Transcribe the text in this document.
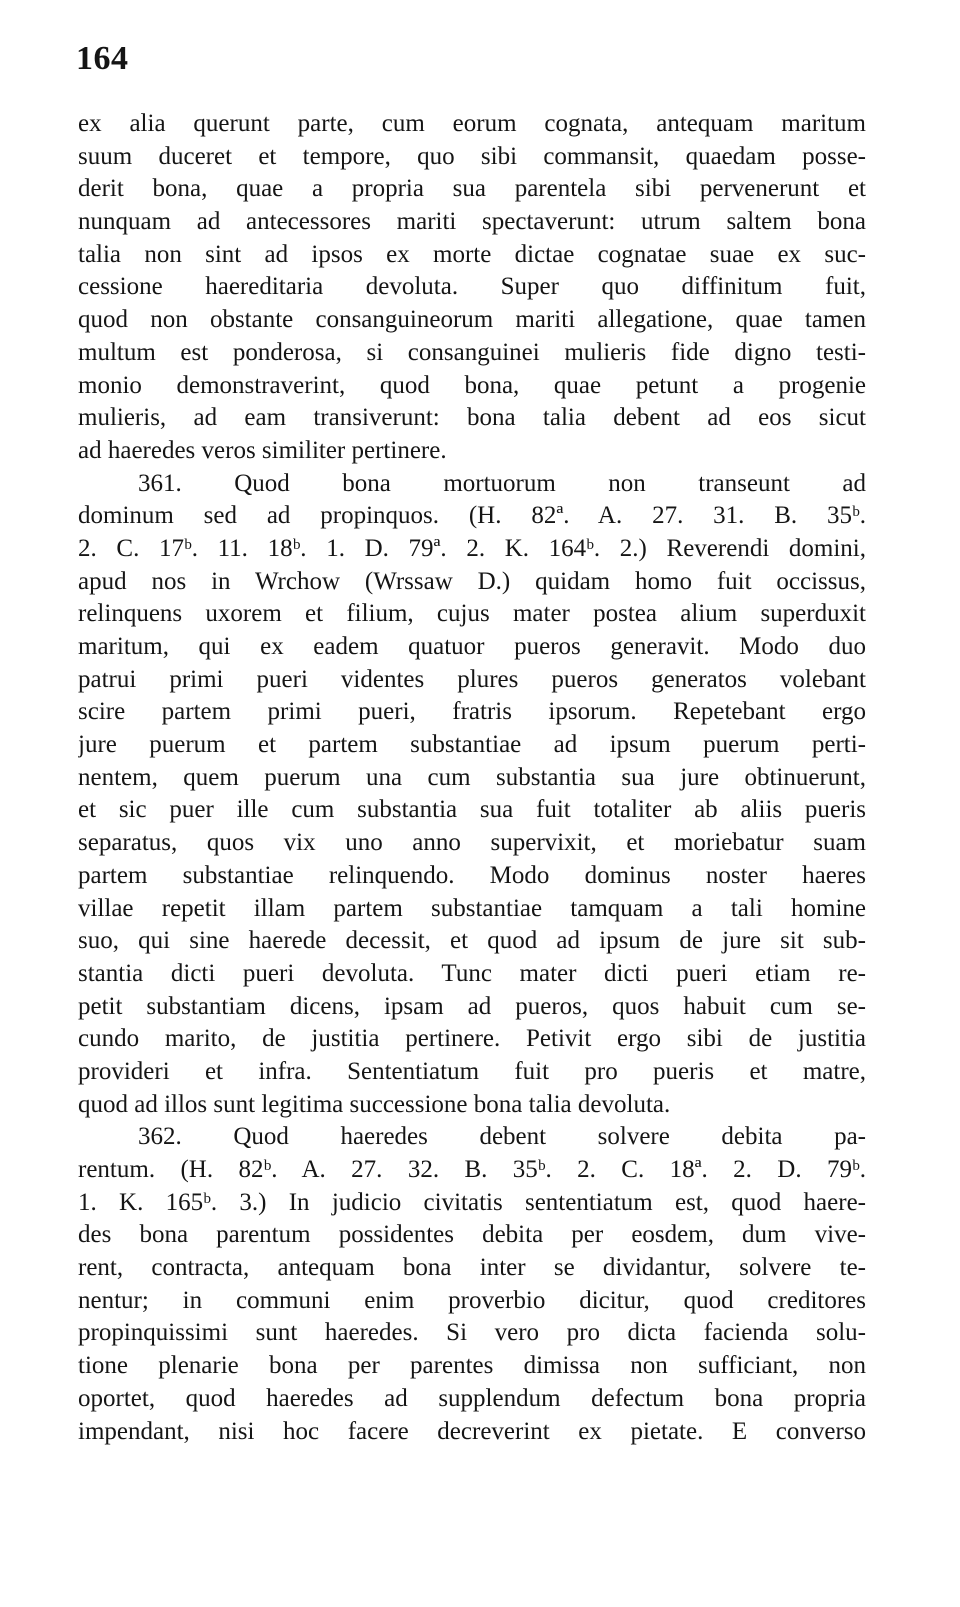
164
ex alia querunt parte, cum eorum cognata, antequam maritum
suum duceret et tempore, quo sibi commansit, quaedam posse-
derit bona, quae a propria sua parentela sibi pervenerunt et
nunquam ad antecessores mariti spectaverunt: utrum saltem bona
talia non sint ad ipsos ex morte dictae cognatae suae ex suc-
cessione haereditaria devoluta. Super quo diffinitum fuit,
quod non obstante consanguineorum mariti allegatione, quae tamen
multum est ponderosa, si consanguinei mulieris fide digno testi-
monio demonstraverint, quod bona, quae petunt a progenie
mulieris, ad eam transiverunt: bona talia debent ad eos sicut
ad haeredes veros similiter pertinere.
361. Quod bona mortuorum non transeunt ad
dominum sed ad propinquos. (H. 82ª. A. 27. 31. B. 35ᵇ.
2. C. 17ᵇ. 11. 18ᵇ. 1. D. 79ª. 2. K. 164ᵇ. 2.) Reverendi domini,
apud nos in Wrchow (Wrssaw D.) quidam homo fuit occissus,
relinquens uxorem et filium, cujus mater postea alium superduxit
maritum, qui ex eadem quatuor pueros generavit. Modo duo
patrui primi pueri videntes plures pueros generatos volebant
scire partem primi pueri, fratris ipsorum. Repetebant ergo
jure puerum et partem substantiae ad ipsum puerum perti-
nentem, quem puerum una cum substantia sua jure obtinuerunt,
et sic puer ille cum substantia sua fuit totaliter ab aliis pueris
separatus, quos vix uno anno supervixit, et moriebatur suam
partem substantiae relinquendo. Modo dominus noster haeres
villae repetit illam partem substantiae tamquam a tali homine
suo, qui sine haerede decessit, et quod ad ipsum de jure sit sub-
stantia dicti pueri devoluta. Tunc mater dicti pueri etiam re-
petit substantiam dicens, ipsam ad pueros, quos habuit cum se-
cundo marito, de justitia pertinere. Petivit ergo sibi de justitia
provideri et infra. Sententiatum fuit pro pueris et matre,
quod ad illos sunt legitima successione bona talia devoluta.
362. Quod haeredes debent solvere debita pa-
rentum. (H. 82ᵇ. A. 27. 32. B. 35ᵇ. 2. C. 18ª. 2. D. 79ᵇ.
1. K. 165ᵇ. 3.) In judicio civitatis sententiatum est, quod haere-
des bona parentum possidentes debita per eosdem, dum vive-
rent, contracta, antequam bona inter se dividantur, solvere te-
nentur; in communi enim proverbio dicitur, quod creditores
propinquissimi sunt haeredes. Si vero pro dicta facienda solu-
tione plenarie bona per parentes dimissa non sufficiant, non
oportet, quod haeredes ad supplendum defectum bona propria
impendant, nisi hoc facere decreverint ex pietate. E converso
